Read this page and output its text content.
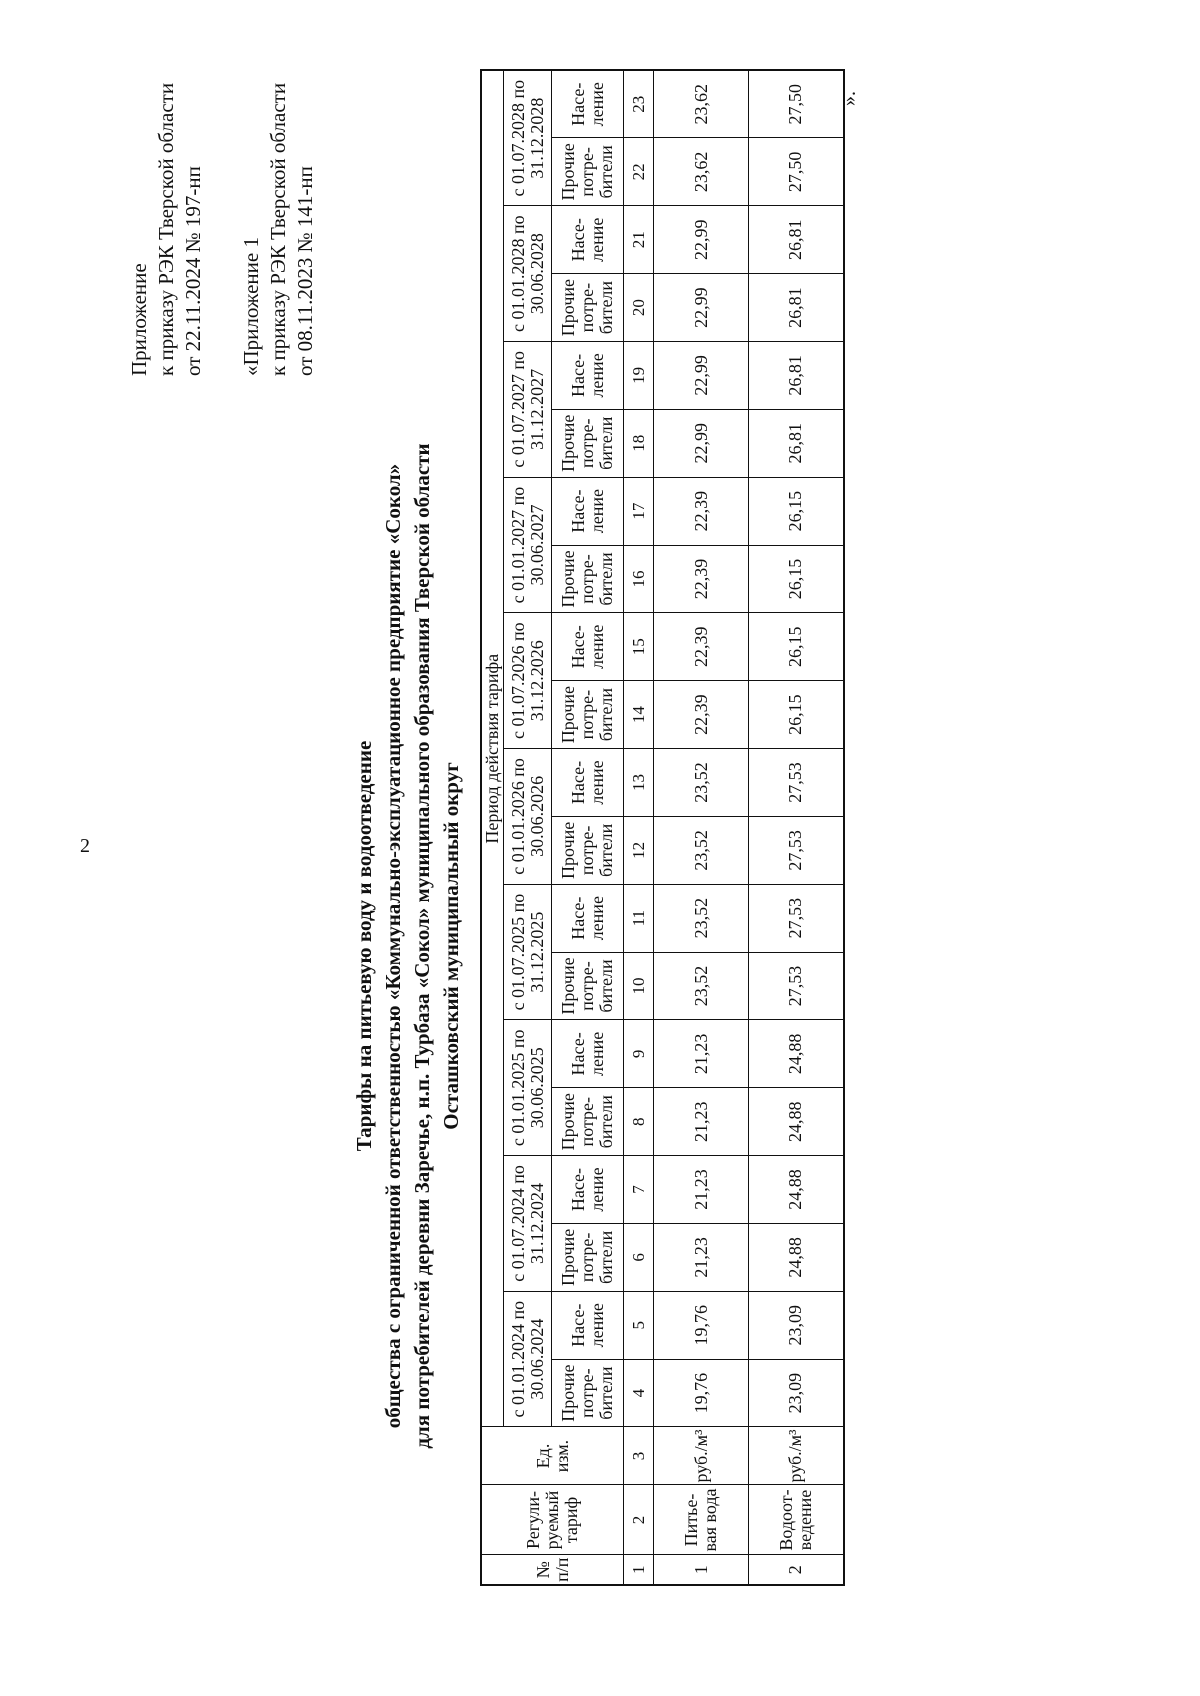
2
Приложение к приказу РЭК Тверской области от 22.11.2024 № 197-нп «Приложение 1 к приказу РЭК Тверской области от 08.11.2023 № 141-нп
Тарифы на питьевую воду и водоотведение общества с ограниченной ответственностью «Коммунально-эксплуатационное предприятие «Сокол» для потребителей деревни Заречье, н.п. Турбаза «Сокол» муниципального образования Тверской области Осташковский муниципальный округ
№ п/п	Регули-руемый тариф	Ед. изм.	Период действия тарифа																			
			с 01.01.2024 по 30.06.2024		с 01.07.2024 по 31.12.2024		с 01.01.2025 по 30.06.2025		с 01.07.2025 по 31.12.2025		с 01.01.2026 по 30.06.2026		с 01.07.2026 по 31.12.2026		с 01.01.2027 по 30.06.2027		с 01.07.2027 по 31.12.2027		с 01.01.2028 по 30.06.2028		с 01.07.2028 по 31.12.2028	
			Прочие потре-бители	Насе-ление	Прочие потре-бители	Насе-ление	Прочие потре-бители	Насе-ление	Прочие потре-бители	Насе-ление	Прочие потре-бители	Насе-ление	Прочие потре-бители	Насе-ление	Прочие потре-бители	Насе-ление	Прочие потре-бители	Насе-ление	Прочие потре-бители	Насе-ление	Прочие потре-бители	Насе-ление
1	2	3	4	5	6	7	8	9	10	11	12	13	14	15	16	17	18	19	20	21	22	23
1	Питье-вая вода	руб./м³	19,76	19,76	21,23	21,23	21,23	21,23	23,52	23,52	23,52	23,52	22,39	22,39	22,39	22,39	22,99	22,99	22,99	22,99	23,62	23,62
2	Водоот-ведение	руб./м³	23,09	23,09	24,88	24,88	24,88	24,88	27,53	27,53	27,53	27,53	26,15	26,15	26,15	26,15	26,81	26,81	26,81	26,81	27,50	27,50 ».
